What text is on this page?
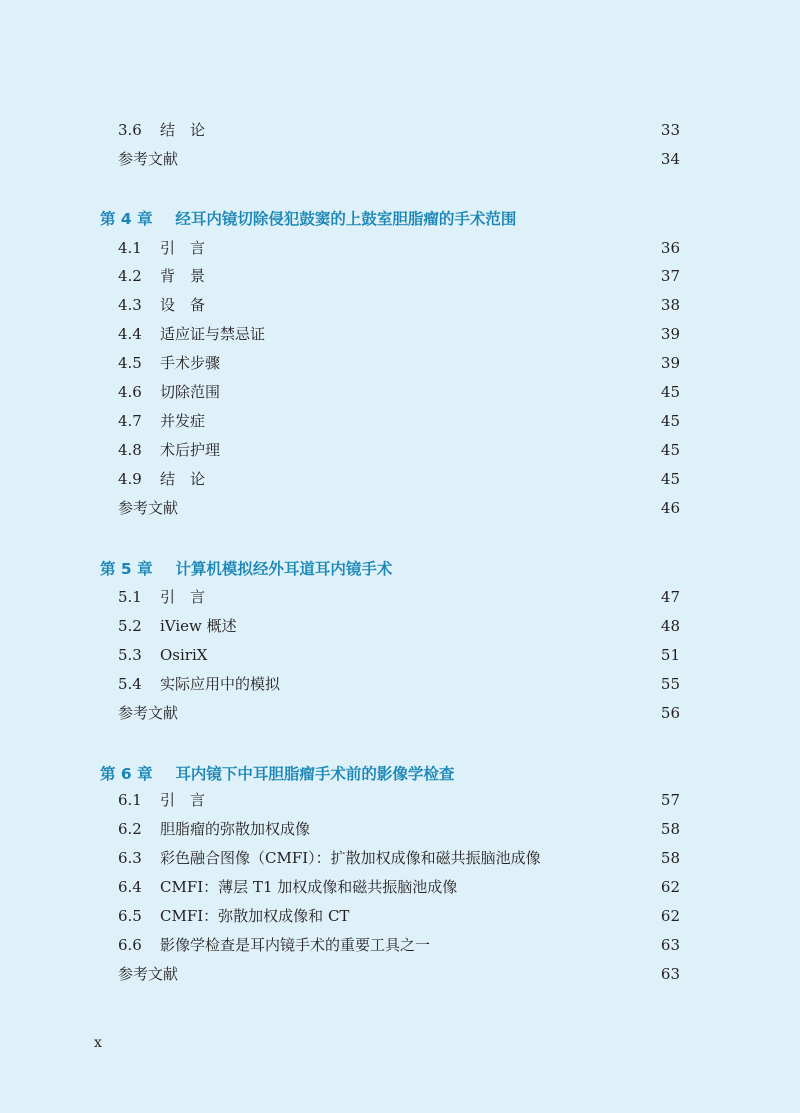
3.6	结　论	33
参考文献	34
第 4 章 经耳内镜切除侵犯鼓窦的上鼓室胆脂瘤的手术范围
4.1	引　言	36
4.2	背　景	37
4.3	设　备	38
4.4	适应证与禁忌证	39
4.5	手术步骤	39
4.6	切除范围	45
4.7	并发症	45
4.8	术后护理	45
4.9	结　论	45
参考文献	46
第 5 章 计算机模拟经外耳道耳内镜手术
5.1	引　言	47
5.2	iView 概述	48
5.3	OsiriX	51
5.4	实际应用中的模拟	55
参考文献	56
第 6 章 耳内镜下中耳胆脂瘤手术前的影像学检查
6.1	引　言	57
6.2	胆脂瘤的弥散加权成像	58
6.3	彩色融合图像（CMFI）：扩散加权成像和磁共振脑池成像	58
6.4	CMFI：薄层 T1 加权成像和磁共振脑池成像	62
6.5	CMFI：弥散加权成像和 CT	62
6.6	影像学检查是耳内镜手术的重要工具之一	63
参考文献	63
x
